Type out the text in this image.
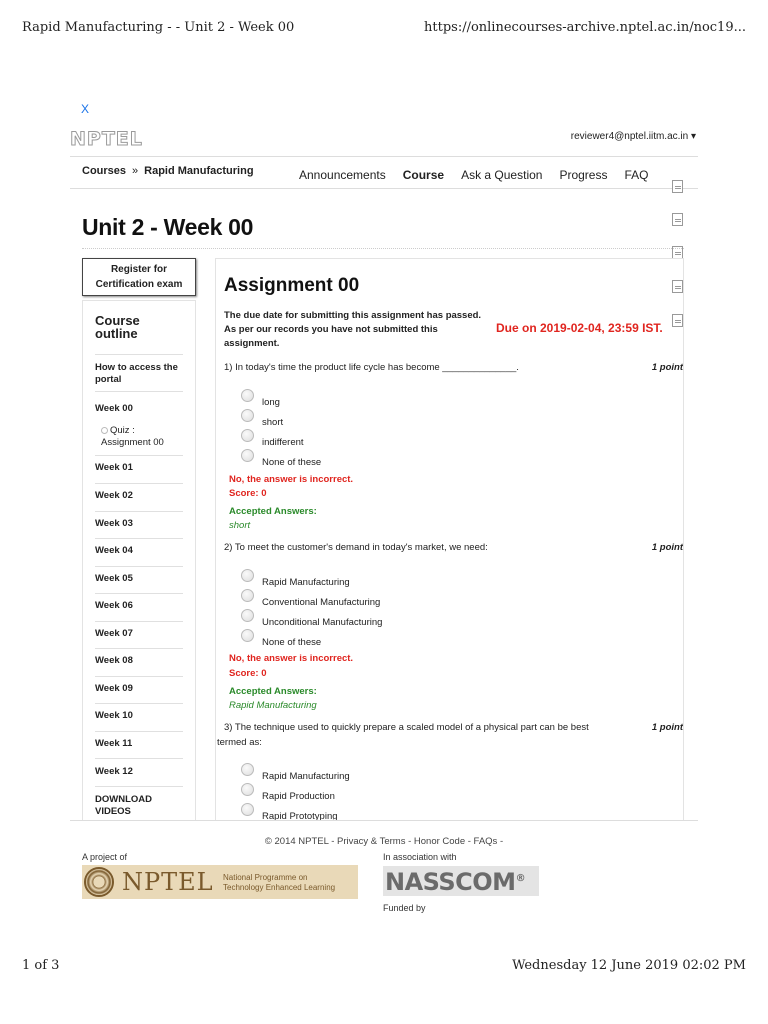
Rapid Manufacturing - - Unit 2 - Week 00	https://onlinecourses-archive.nptel.ac.in/noc19...
X
NPTEL	reviewer4@nptel.iitm.ac.in ▾
Courses » Rapid Manufacturing	Announcements Course Ask a Question Progress FAQ
Unit 2 - Week 00
Register for Certification exam
Course outline
How to access the portal
Week 00
Quiz : Assignment 00
Week 01
Week 02
Week 03
Week 04
Week 05
Week 06
Week 07
Week 08
Week 09
Week 10
Week 11
Week 12
DOWNLOAD VIDEOS
Assignment 00
The due date for submitting this assignment has passed. As per our records you have not submitted this assignment.
Due on 2019-02-04, 23:59 IST.
1) In today's time the product life cycle has become ______________.	1 point
long
short
indifferent
None of these
No, the answer is incorrect.
Score: 0
Accepted Answers:
short
2) To meet the customer's demand in today's market, we need:	1 point
Rapid Manufacturing
Conventional Manufacturing
Unconditional Manufacturing
None of these
No, the answer is incorrect.
Score: 0
Accepted Answers:
Rapid Manufacturing
3) The technique used to quickly prepare a scaled model of a physical part can be best
termed as:
1 point
Rapid Manufacturing
Rapid Production
Rapid Prototyping
© 2014 NPTEL - Privacy & Terms - Honor Code - FAQs -
A project of
NPTEL National Programme on
Technology Enhanced Learning
In association with
NASSCOM®
Funded by
1 of 3	Wednesday 12 June 2019 02:02 PM
